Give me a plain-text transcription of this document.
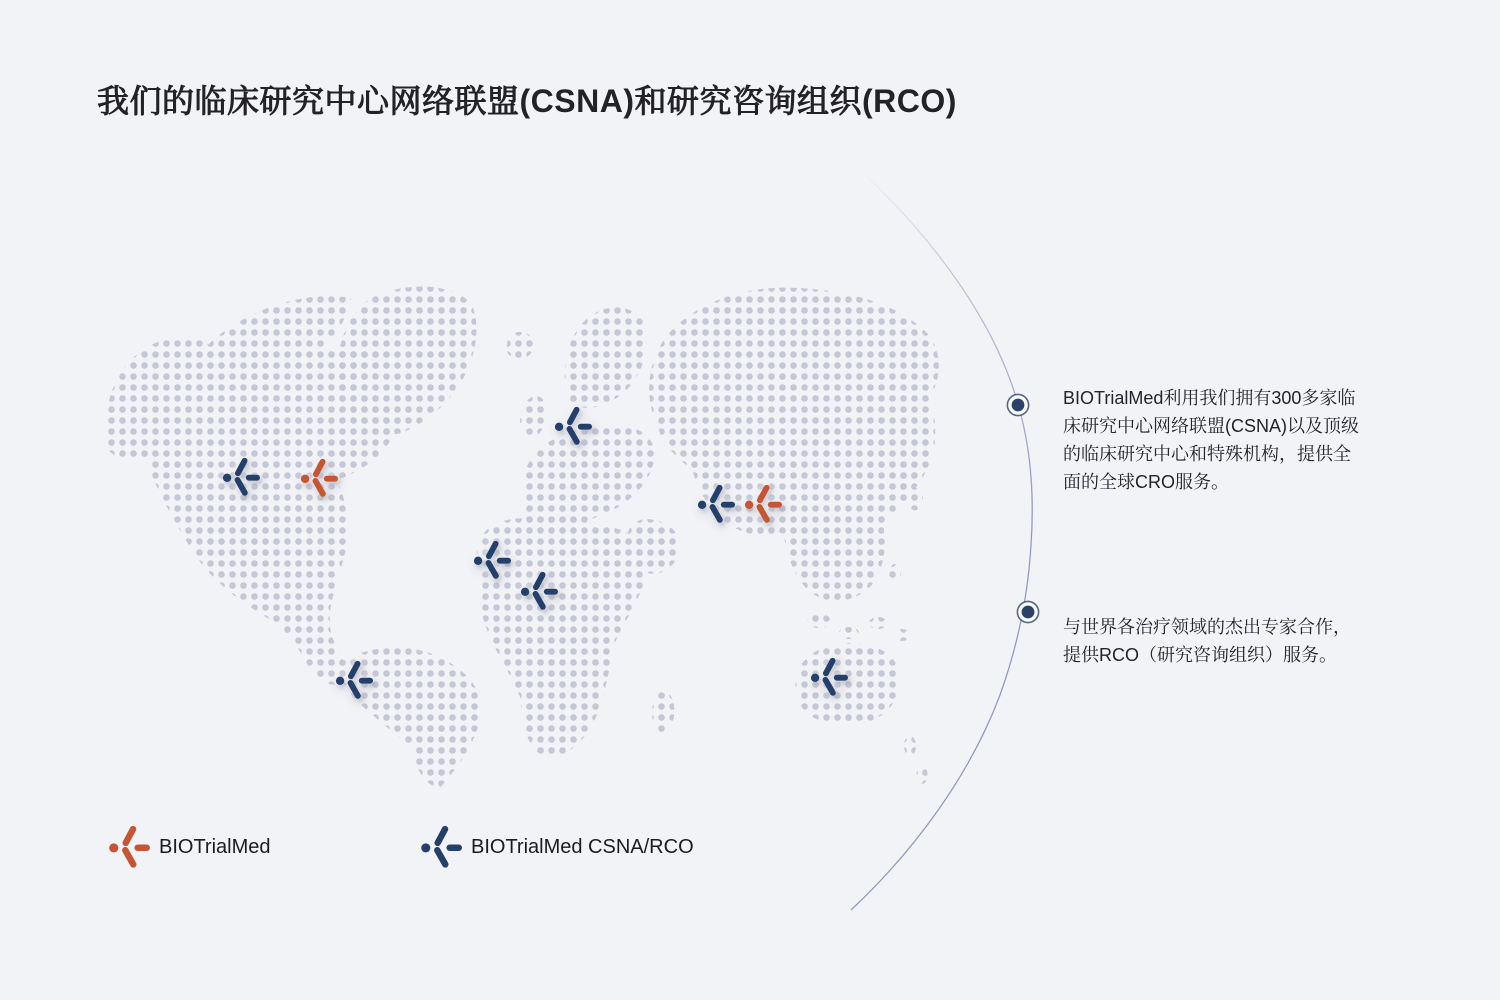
我们的临床研究中心网络联盟(CSNA)和研究咨询组织(RCO)

BIOTrialMed利用我们拥有300多家临床研究中心网络联盟(CSNA)以及顶级的临床研究中心和特殊机构，提供全面的全球CRO服务。

与世界各治疗领域的杰出专家合作，提供RCO（研究咨询组织）服务。

BIOTrialMed	BIOTrialMed CSNA/RCO
